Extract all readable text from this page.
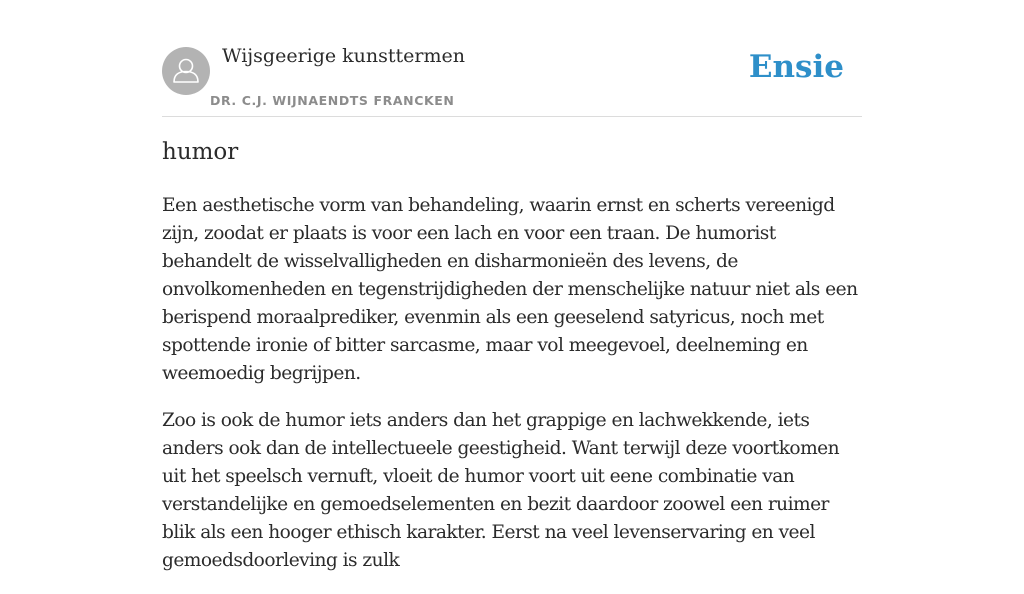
Wijsgeerige kunsttermen
DR. C.J. WIJNAENDTS FRANCKEN
Ensie
humor

Een aesthetische vorm van behandeling, waarin ernst en scherts vereenigd zijn, zoodat er plaats is voor een lach en voor een traan. De humorist behandelt de wisselvalligheden en disharmonieën des levens, de onvolkomenheden en tegenstrijdigheden der menschelijke natuur niet als een berispend moraalprediker, evenmin als een geeselend satyricus, noch met spottende ironie of bitter sarcasme, maar vol meegevoel, deelneming en weemoedig begrijpen.

Zoo is ook de humor iets anders dan het grappige en lachwekkende, iets anders ook dan de intellectueele geestigheid. Want terwijl deze voortkomen uit het speelsch vernuft, vloeit de humor voort uit eene combinatie van verstandelijke en gemoedselementen en bezit daardoor zoowel een ruimer blik als een hooger ethisch karakter. Eerst na veel levenservaring en veel gemoedsdoorleving is zulk
